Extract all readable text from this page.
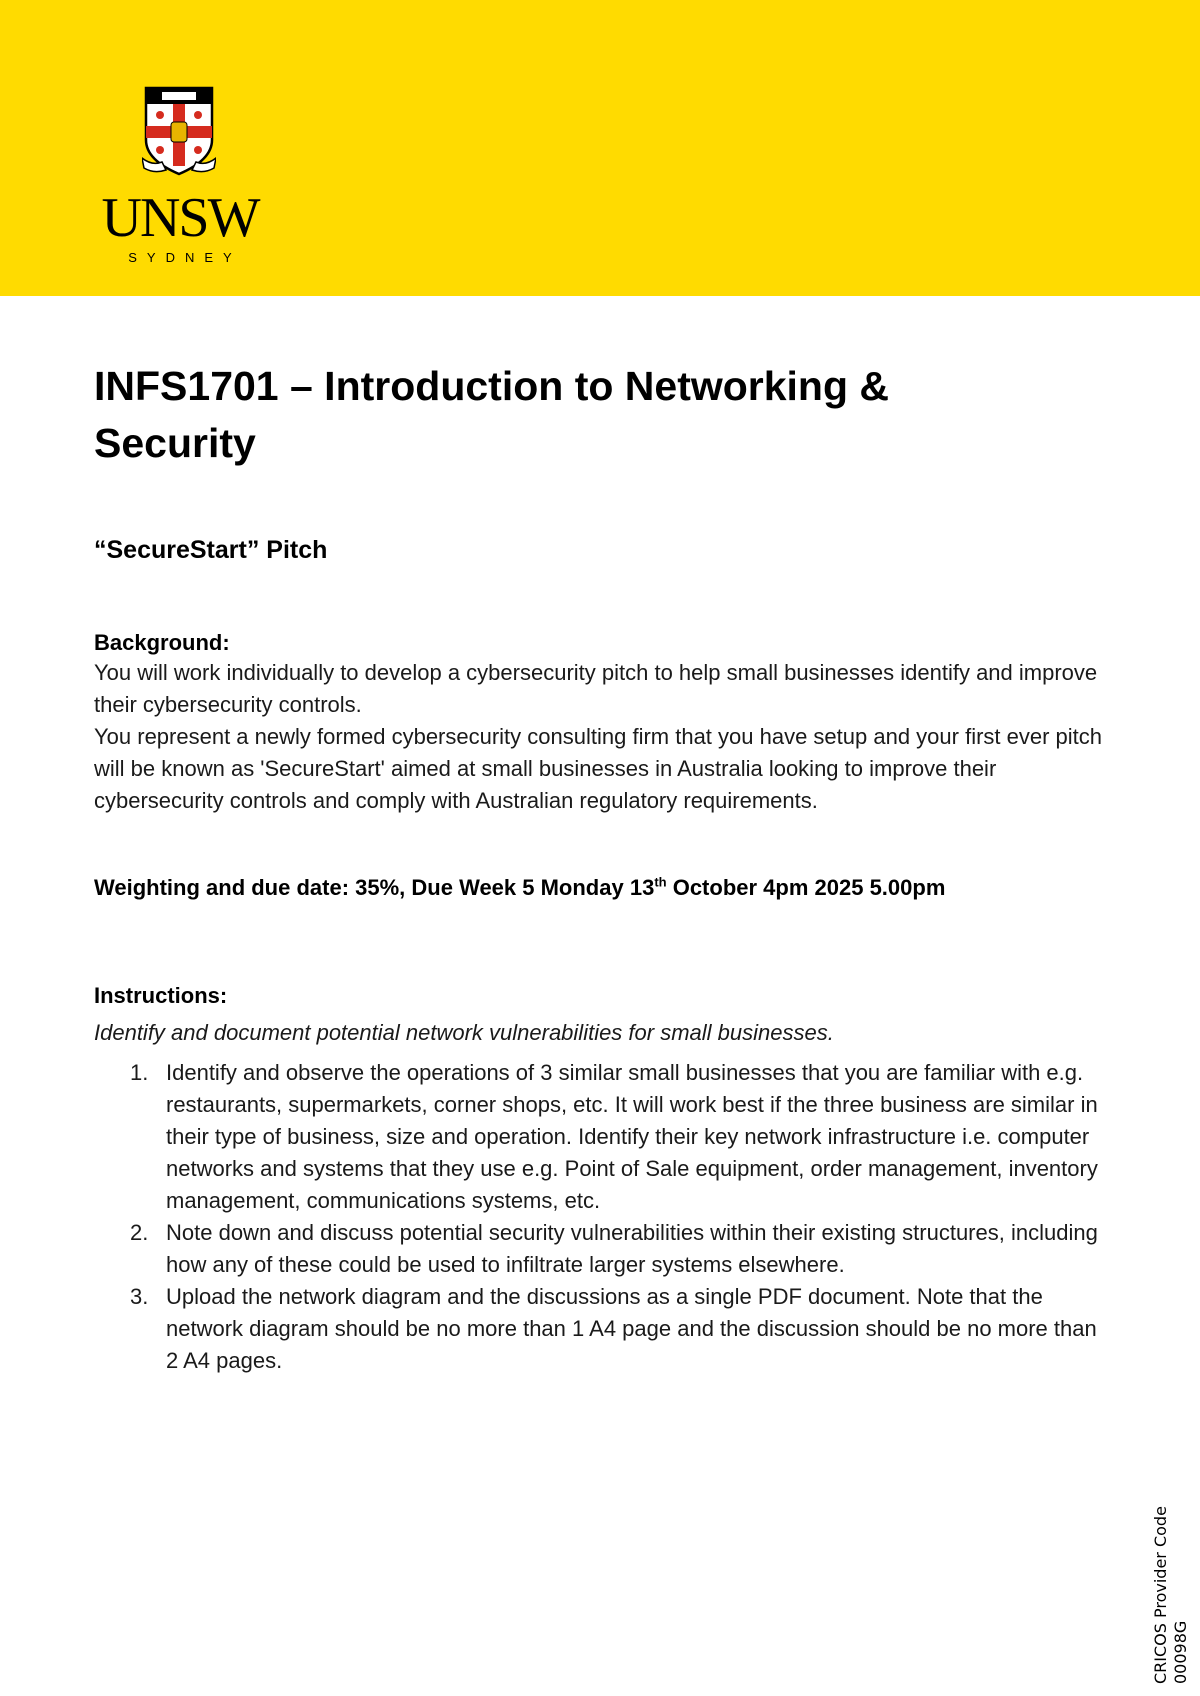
UNSW
SYDNEY
INFS1701 – Introduction to Networking & Security
“SecureStart” Pitch
Background:

You will work individually to develop a cybersecurity pitch to help small businesses identify and improve their cybersecurity controls.

You represent a newly formed cybersecurity consulting firm that you have setup and your first ever pitch will be known as 'SecureStart' aimed at small businesses in Australia looking to improve their cybersecurity controls and comply with Australian regulatory requirements.

Weighting and due date: 35%, Due Week 5 Monday 13th October 4pm 2025 5.00pm
Instructions:
Identify and document potential network vulnerabilities for small businesses.
1. Identify and observe the operations of 3 similar small businesses that you are familiar with e.g. restaurants, supermarkets, corner shops, etc. It will work best if the three business are similar in their type of business, size and operation. Identify their key network infrastructure i.e. computer networks and systems that they use e.g. Point of Sale equipment, order management, inventory management, communications systems, etc.
2. Note down and discuss potential security vulnerabilities within their existing structures, including how any of these could be used to infiltrate larger systems elsewhere.
3. Upload the network diagram and the discussions as a single PDF document. Note that the network diagram should be no more than 1 A4 page and the discussion should be no more than 2 A4 pages.
CRICOS Provider Code 00098G
